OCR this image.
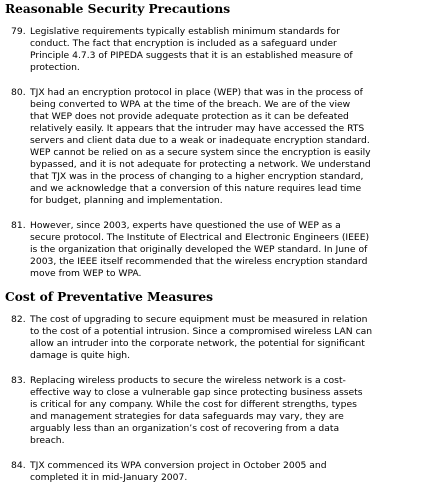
Reasonable Security Precautions
79. Legislative requirements typically establish minimum standards for
conduct. The fact that encryption is included as a safeguard under
Principle 4.7.3 of PIPEDA suggests that it is an established measure of
protection.
80. TJX had an encryption protocol in place (WEP) that was in the process of
being converted to WPA at the time of the breach. We are of the view
that WEP does not provide adequate protection as it can be defeated
relatively easily. It appears that the intruder may have accessed the RTS
servers and client data due to a weak or inadequate encryption standard.
WEP cannot be relied on as a secure system since the encryption is easily
bypassed, and it is not adequate for protecting a network. We understand
that TJX was in the process of changing to a higher encryption standard,
and we acknowledge that a conversion of this nature requires lead time
for budget, planning and implementation.
81. However, since 2003, experts have questioned the use of WEP as a
secure protocol. The Institute of Electrical and Electronic Engineers (IEEE)
is the organization that originally developed the WEP standard. In June of
2003, the IEEE itself recommended that the wireless encryption standard
move from WEP to WPA.
Cost of Preventative Measures
82. The cost of upgrading to secure equipment must be measured in relation
to the cost of a potential intrusion. Since a compromised wireless LAN can
allow an intruder into the corporate network, the potential for significant
damage is quite high.
83. Replacing wireless products to secure the wireless network is a cost-
effective way to close a vulnerable gap since protecting business assets
is critical for any company. While the cost for different strengths, types
and management strategies for data safeguards may vary, they are
arguably less than an organization’s cost of recovering from a data
breach.
84. TJX commenced its WPA conversion project in October 2005 and
completed it in mid-January 2007.
